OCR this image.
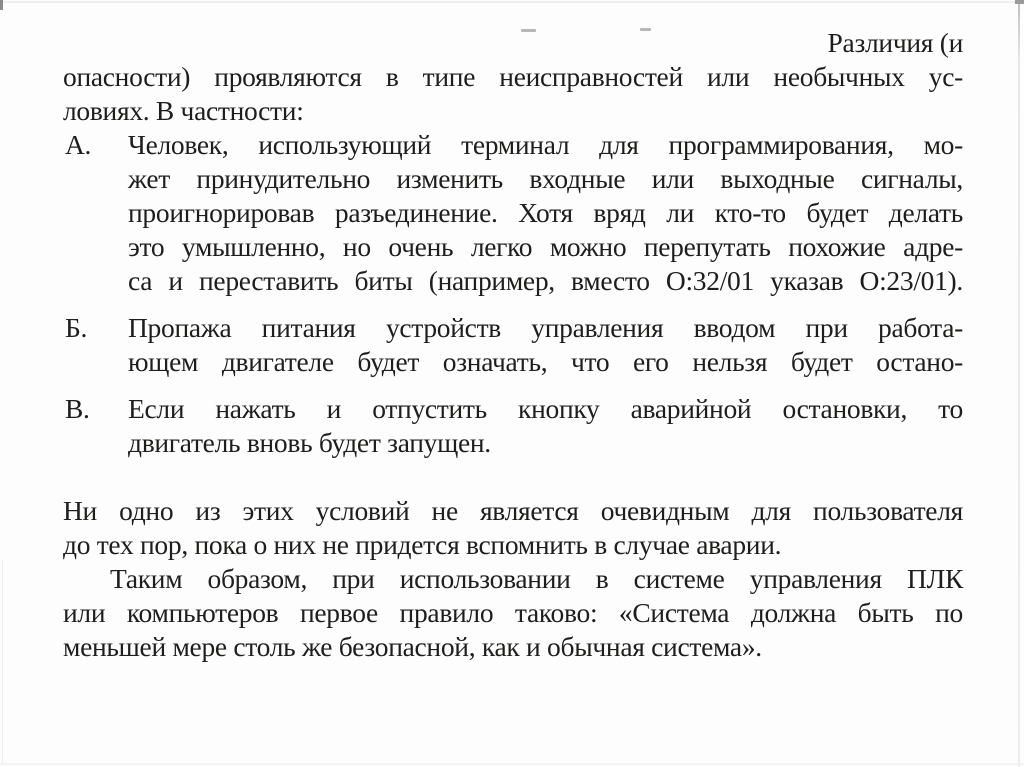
Различия (и
опасности) проявляются в типе неисправностей или необычных ус-
ловиях. В частности:
А. Человек, использующий терминал для программирования, мо-
жет принудительно изменить входные или выходные сигналы,
проигнорировав разъединение. Хотя вряд ли кто-то будет делать
это умышленно, но очень легко можно перепутать похожие адре-
са и переставить биты (например, вместо О:32/01 указав О:23/01).
Б. Пропажа питания устройств управления вводом при работа-
ющем двигателе будет означать, что его нельзя будет остано-
В. Если нажать и отпустить кнопку аварийной остановки, то
двигатель вновь будет запущен.
Ни одно из этих условий не является очевидным для пользователя
до тех пор, пока о них не придется вспомнить в случае аварии.
Таким образом, при использовании в системе управления ПЛК
или компьютеров первое правило таково: «Система должна быть по
меньшей мере столь же безопасной, как и обычная система».
